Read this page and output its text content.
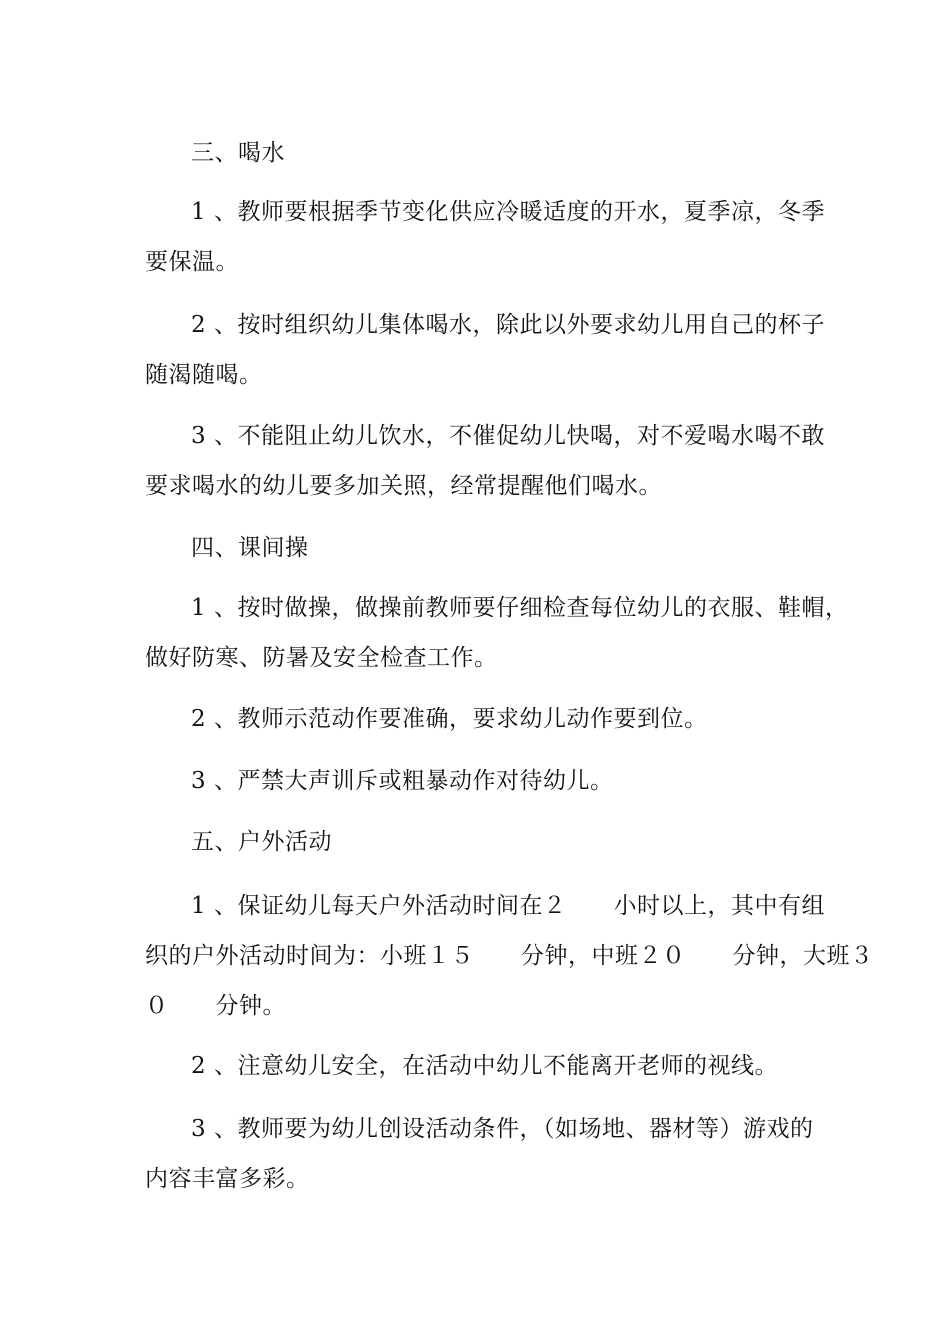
三、喝水
1 、教师要根据季节变化供应冷暖适度的开水，夏季凉，冬季
要保温。
2 、按时组织幼儿集体喝水，除此以外要求幼儿用自己的杯子
随渴随喝。
3 、不能阻止幼儿饮水，不催促幼儿快喝，对不爱喝水喝不敢
要求喝水的幼儿要多加关照，经常提醒他们喝水。
四、课间操
1 、按时做操，做操前教师要仔细检查每位幼儿的衣服、鞋帽，
做好防寒、防暑及安全检查工作。
2 、教师示范动作要准确，要求幼儿动作要到位。
3 、严禁大声训斥或粗暴动作对待幼儿。
五、户外活动
1 、保证幼儿每天户外活动时间在２　　小时以上，其中有组
织的户外活动时间为：小班１５　　分钟，中班２０　　分钟，大班３
０　　分钟。
2 、注意幼儿安全，在活动中幼儿不能离开老师的视线。
3 、教师要为幼儿创设活动条件，（如场地、器材等）游戏的
内容丰富多彩。
